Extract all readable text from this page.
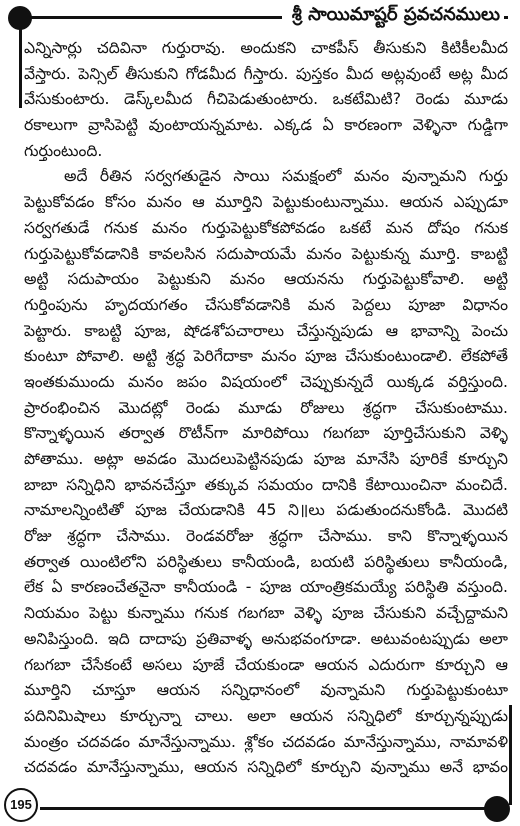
శ్రీ సాయిమాష్టర్ ప్రవచనములు
ఎన్నిసార్లు చదివినా గుర్తురావు. అందుకని చాకపీస్ తీసుకుని కిటికీలమీద
వేస్తారు. పెన్సిల్ తీసుకుని గోడమీద గీస్తారు. పుస్తకం మీద అట్లవుంటే అట్ల మీద
వేసుకుంటారు. డెస్క్‌లమీద గీచిపెడుతుంటారు. ఒకటేమిటి? రెండు మూడు
రకాలుగా వ్రాసిపెట్టి వుంటాయన్నమాట. ఎక్కడ ఏ కారణంగా వెళ్ళినా గుడ్డిగా
గుర్తుంటుంది.
అదే రీతిన సర్వగతుడైన సాయి సమక్షంలో మనం వున్నామని గుర్తు
పెట్టుకోవడం కోసం మనం ఆ మూర్తిని పెట్టుకుంటున్నాము. ఆయన ఎప్పుడూ
సర్వగతుడే గనుక మనం గుర్తుపెట్టుకోకపోవడం ఒకటే మన దోషం గనుక
గుర్తుపెట్టుకోవడానికి కావలసిన సదుపాయమే మనం పెట్టుకున్న మూర్తి. కాబట్టి
అట్టి సదుపాయం పెట్టుకుని మనం ఆయనను గుర్తుపెట్టుకోవాలి. అట్టి
గుర్తింపును హృదయగతం చేసుకోవడానికి మన పెద్దలు పూజా విధానం
పెట్టారు. కాబట్టి పూజ, షోడశోపచారాలు చేస్తున్నపుడు ఆ భావాన్ని పెంచు
కుంటూ పోవాలి. అట్టి శ్రద్ధ పెరిగేదాకా మనం పూజ చేసుకుంటుండాలి. లేకపోతే
ఇంతకుముందు మనం జపం విషయంలో చెప్పుకున్నదే యిక్కడ వర్తిస్తుంది.
ప్రారంభించిన మొదట్లో రెండు మూడు రోజులు శ్రద్ధగా చేసుకుంటాము.
కొన్నాళ్ళయిన తర్వాత రొటీన్‌గా మారిపోయి గబగబా పూర్తిచేసుకుని వెళ్ళి
పోతాము. అట్లా అవడం మొదలుపెట్టినపుడు పూజ మానేసి పూరికే కూర్చుని
బాబా సన్నిధిని భావనచేస్తూ తక్కువ సమయం దానికి కేటాయించినా మంచిదే.
నామాలన్నింటితో పూజ చేయడానికి 45 ని॥లు పడుతుందనుకోండి. మొదటి
రోజు శ్రద్ధగా చేసాము. రెండవరోజు శ్రద్ధగా చేసాము. కాని కొన్నాళ్ళయిన
తర్వాత యింటిలోని పరిస్థితులు కానీయండి, బయటి పరిస్థితులు కానీయండి,
లేక ఏ కారణంచేతనైనా కానీయండి - పూజ యాంత్రికమయ్యే పరిస్థితి వస్తుంది.
నియమం పెట్టు కున్నాము గనుక గబగబా వెళ్ళి పూజ చేసుకుని వచ్చేద్దామని
అనిపిస్తుంది. ఇది దాదాపు ప్రతివాళ్ళ అనుభవంగూడా. అటువంటప్పుడు అలా
గబగబా చేసేకంటే అసలు పూజే చేయకుండా ఆయన ఎదురుగా కూర్చుని ఆ
మూర్తిని చూస్తూ ఆయన సన్నిధానంలో వున్నామని గుర్తుపెట్టుకుంటూ
పదినిమిషాలు కూర్చున్నా చాలు. అలా ఆయన సన్నిధిలో కూర్చున్నప్పుడు
మంత్రం చదవడం మానేస్తున్నాము. శ్లోకం చదవడం మానేస్తున్నాము, నామావళి
చదవడం మానేస్తున్నాము, ఆయన సన్నిధిలో కూర్చుని వున్నాము అనే భావం
195
